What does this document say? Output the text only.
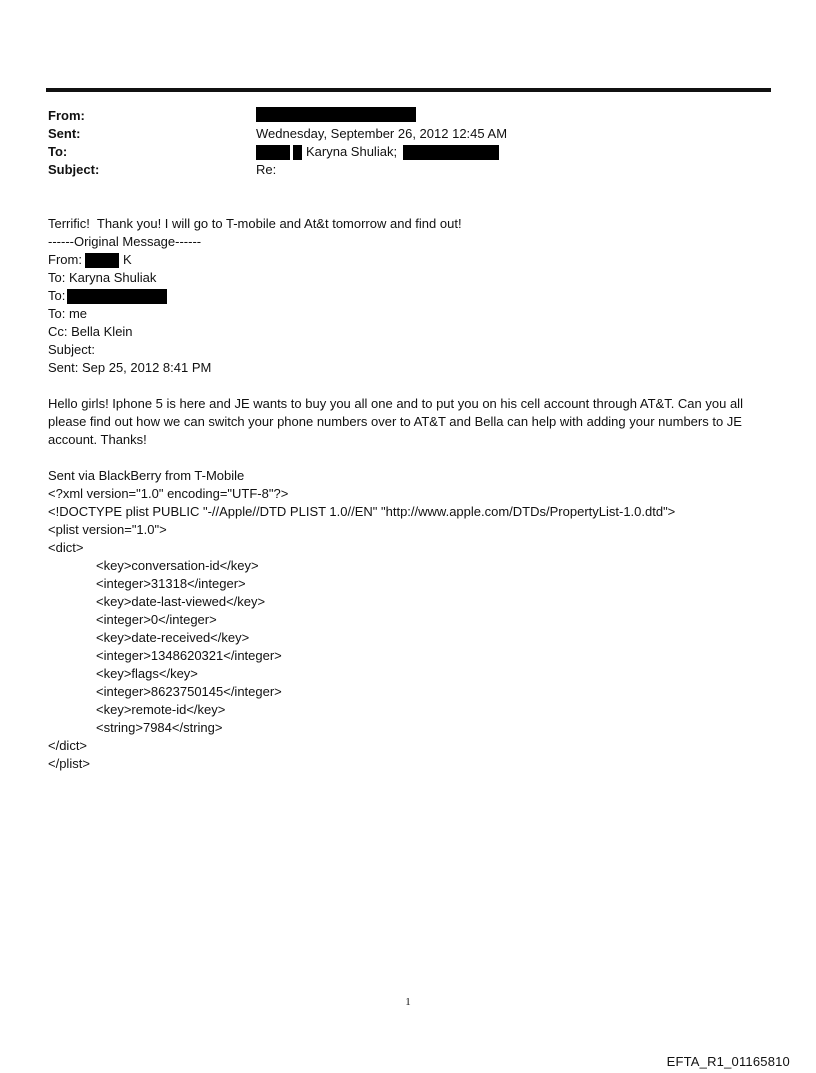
From:
Sent:	Wednesday, September 26, 2012 12:45 AM
To:	Karyna Shuliak;
Subject:	Re:
Terrific!  Thank you! I will go to T-mobile and At&t tomorrow and find out!
------Original Message------
From:	K
To: Karyna Shuliak
To:
To: me
Cc: Bella Klein
Subject:
Sent: Sep 25, 2012 8:41 PM
Hello girls! Iphone 5 is here and JE wants to buy you all one and to put you on his cell account through AT&T. Can you all please find out how we can switch your phone numbers over to AT&T and Bella can help with adding your numbers to JE account. Thanks!
Sent via BlackBerry from T-Mobile
<?xml version="1.0" encoding="UTF-8"?>
<!DOCTYPE plist PUBLIC "-//Apple//DTD PLIST 1.0//EN" "http://www.apple.com/DTDs/PropertyList-1.0.dtd">
<plist version="1.0">
<dict>
<key>conversation-id</key>
<integer>31318</integer>
<key>date-last-viewed</key>
<integer>0</integer>
<key>date-received</key>
<integer>1348620321</integer>
<key>flags</key>
<integer>8623750145</integer>
<key>remote-id</key>
<string>7984</string>
</dict>
</plist>
1
EFTA_R1_01165810
